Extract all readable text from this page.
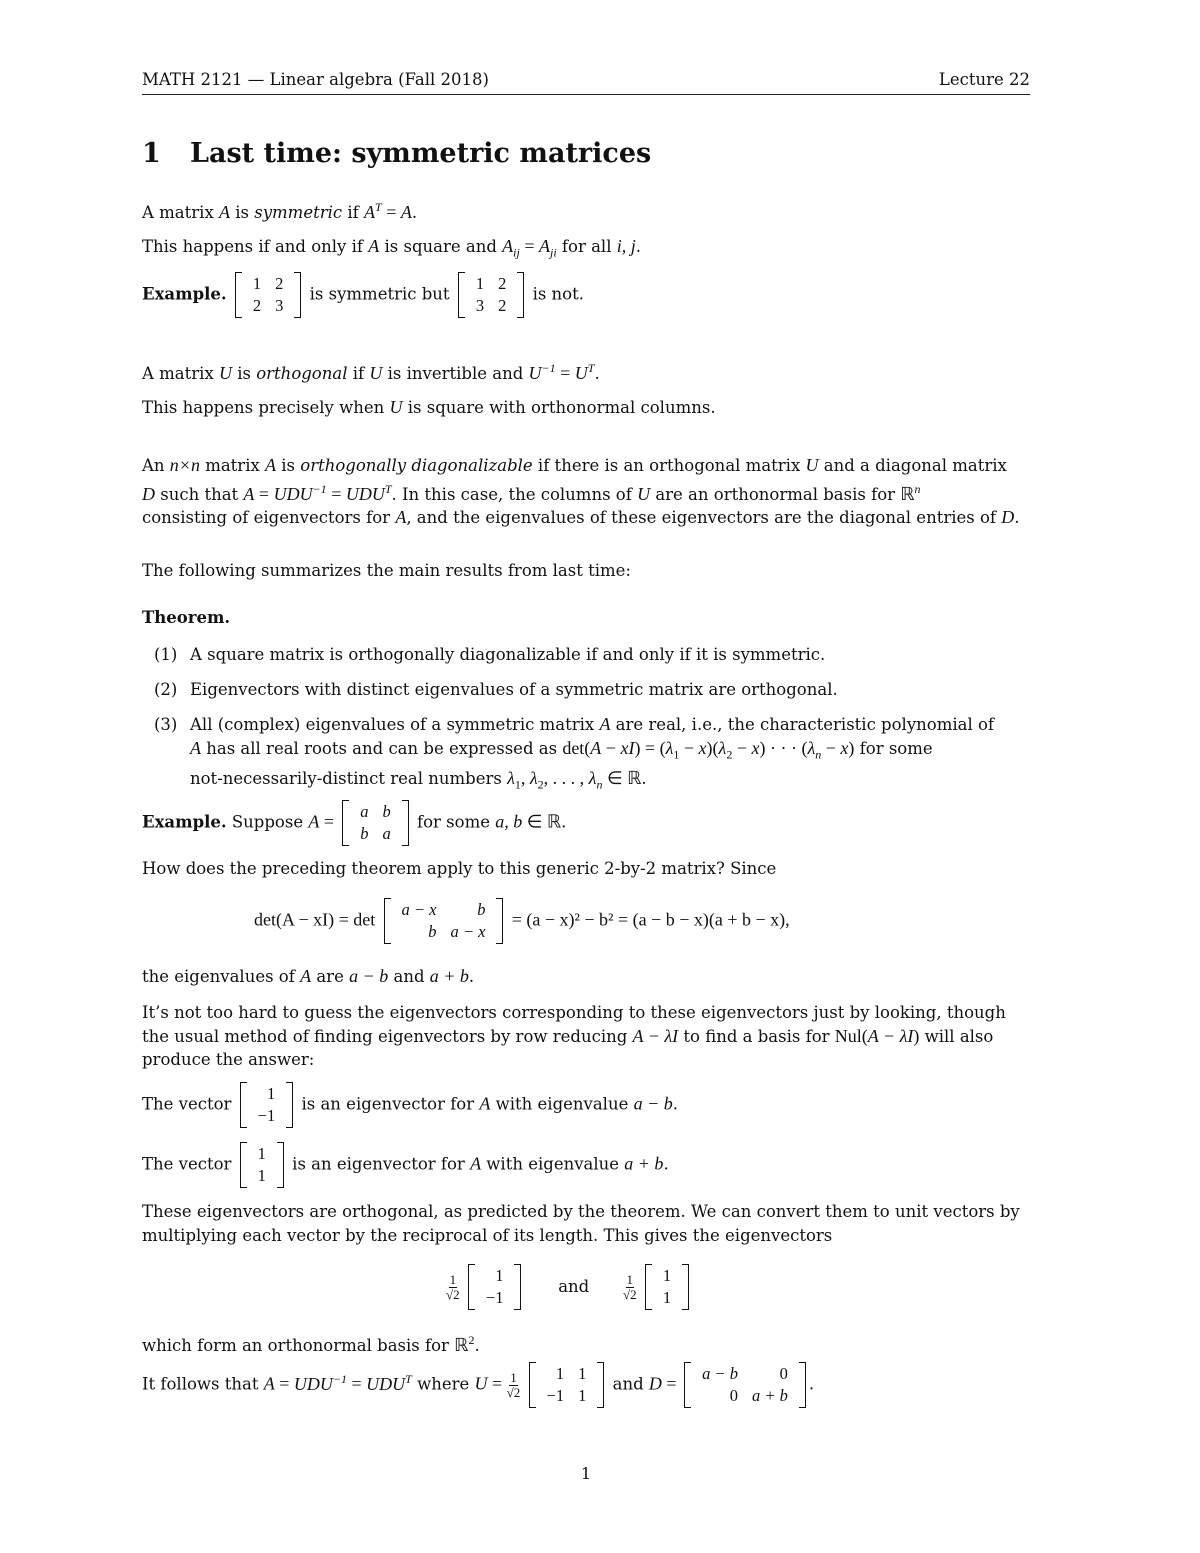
MATH 2121 — Linear algebra (Fall 2018)	Lecture 22
1 Last time: symmetric matrices
A matrix A is symmetric if $A^T = A$.
This happens if and only if A is square and $A_{ij} = A_{ji}$ for all i, j.
Example.
1	2
2	3
is symmetric but
1	2
3	2
is not.
A matrix U is orthogonal if U is invertible and $U^{-1} = U^T$.
This happens precisely when U is square with orthonormal columns.
An n×n matrix A is orthogonally diagonalizable if there is an orthogonal matrix U and a diagonal matrix
D such that $A = UDU^{-1} = UDU^T$. In this case, the columns of U are an orthonormal basis for ℝ$^n$
consisting of eigenvectors for A, and the eigenvalues of these eigenvectors are the diagonal entries of D.
The following summarizes the main results from last time:
Theorem.
(1) A square matrix is orthogonally diagonalizable if and only if it is symmetric.
(2) Eigenvectors with distinct eigenvalues of a symmetric matrix are orthogonal.
(3) All (complex) eigenvalues of a symmetric matrix A are real, i.e., the characteristic polynomial of
A has all real roots and can be expressed as $\det(A - xI) = (\lambda_1 - x)(\lambda_2 - x)$ · · · $(\lambda_n - x)$ for some
not-necessarily-distinct real numbers $\lambda_1$, $\lambda_2$, . . . , $\lambda_n$ ∈ ℝ.
Example. Suppose A = a	b
b	a
for some a, b ∈ ℝ.
How does the preceding theorem apply to this generic 2-by-2 matrix? Since
det(A − xI) = det a − x	b
b	a − x
= (a − x)² − b² = (a − b − x)(a + b − x),
the eigenvalues of A are a − b and a + b.
It’s not too hard to guess the eigenvectors corresponding to these eigenvectors just by looking, though
the usual method of finding eigenvectors by row reducing A − λI to find a basis for Nul(A − λI) will also
produce the answer:
The vector
1
−1
is an eigenvector for A with eigenvalue a − b.
The vector
1
1
is an eigenvector for A with eigenvalue a + b.
These eigenvectors are orthogonal, as predicted by the theorem. We can convert them to unit vectors by
multiplying each vector by the reciprocal of its length. This gives the eigenvectors
$\frac{1}{√2}$
1
−1
and	$\frac{1}{√2}$
1
1
which form an orthonormal basis for ℝ$^2$.
It follows that $A = UDU^{-1} = UDU^T$ where $U = \frac{1}{√2}$
1	1
−1	1
and D = a − b	0
0	a + b
.
1
